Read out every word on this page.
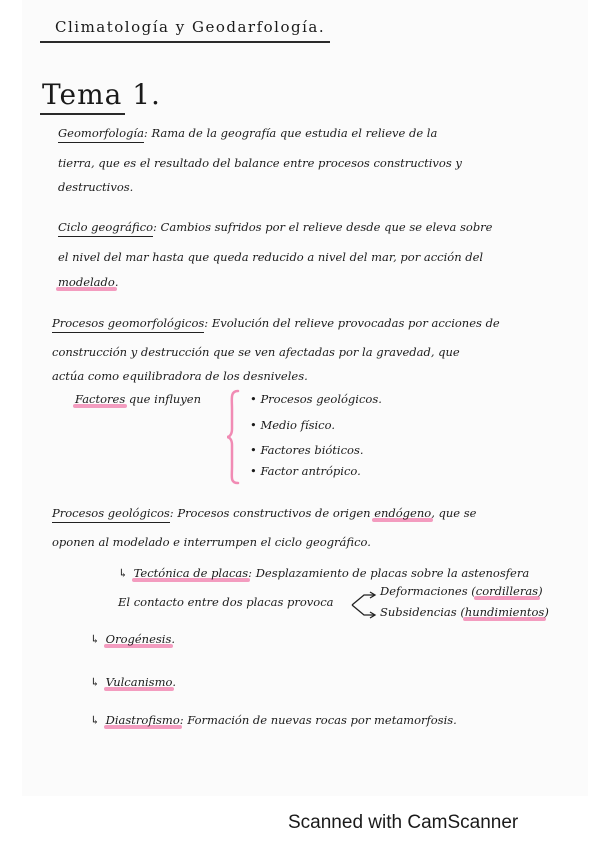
Climatología y Geodarfología.
Tema 1.
Geomorfología: Rama de la geografía que estudia el relieve de la
tierra, que es el resultado del balance entre procesos constructivos y
destructivos.
Ciclo geográfico: Cambios sufridos por el relieve desde que se eleva sobre
el nivel del mar hasta que queda reducido a nivel del mar, por acción del
modelado.
Procesos geomorfológicos: Evolución del relieve provocadas por acciones de
construcción y destrucción que se ven afectadas por la gravedad, que
actúa como equilibradora de los desniveles.
Factores que influyen	• Procesos geológicos.
• Medio físico.
• Factores bióticos.
• Factor antrópico.
Procesos geológicos: Procesos constructivos de origen endógeno, que se
oponen al modelado e interrumpen el ciclo geográfico.
↳ Tectónica de placas: Desplazamiento de placas sobre la astenosfera
El contacto entre dos placas provoca
Deformaciones (cordilleras)
Subsidencias (hundimientos)
↳ Orogénesis.
↳ Vulcanismo.
↳ Diastrofismo: Formación de nuevas rocas por metamorfosis.
Scanned with CamScanner
